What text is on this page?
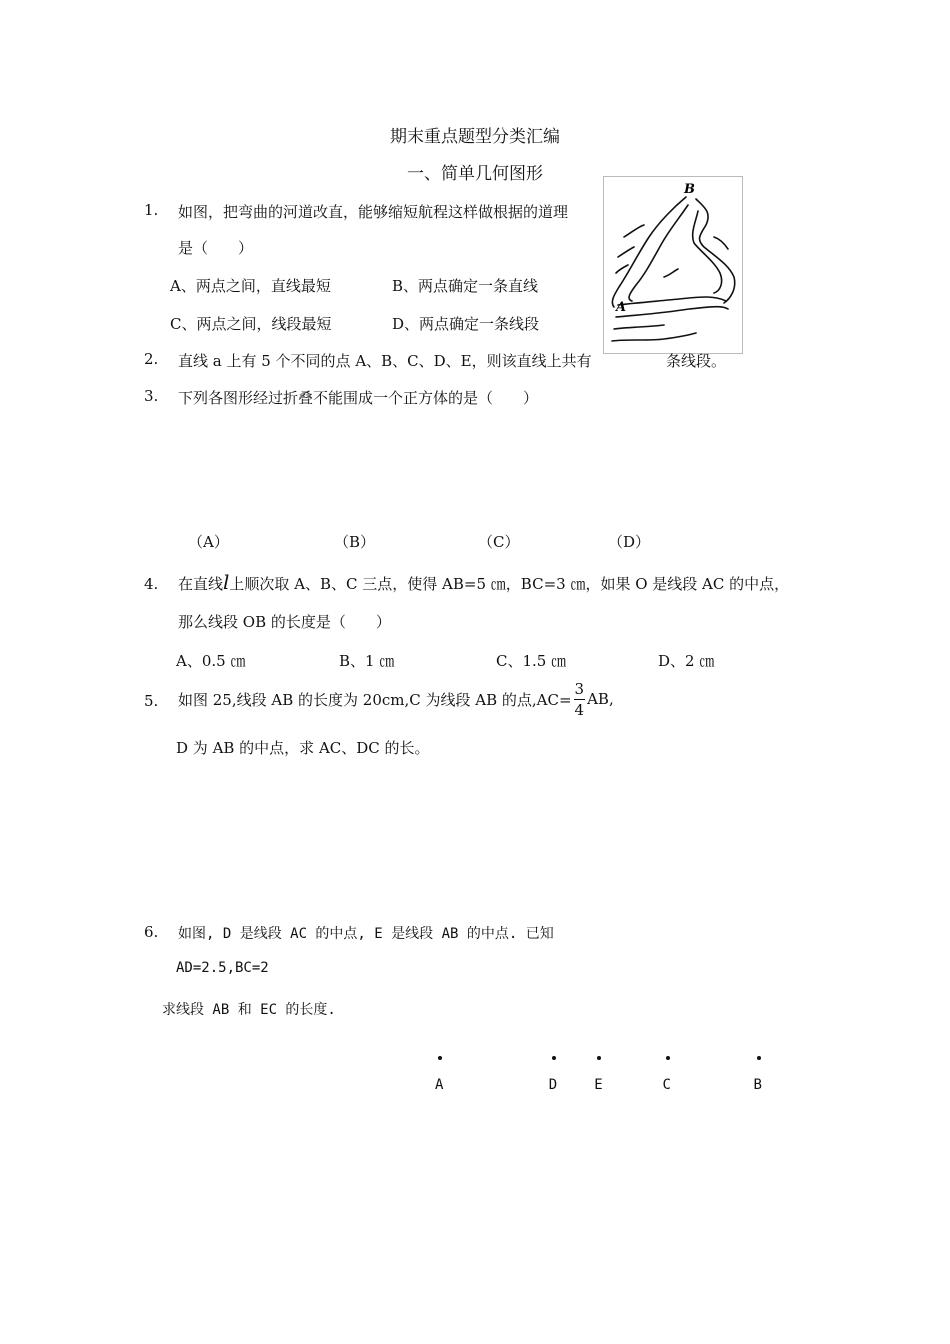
期末重点题型分类汇编
一、简单几何图形
1. 如图，把弯曲的河道改直，能够缩短航程这样做根据的道理
是（　　）
A、两点之间，直线最短	B、两点确定一条直线
C、两点之间，线段最短	D、两点确定一条线段
B
A
2. 直线 a 上有 5 个不同的点 A、B、C、D、E，则该直线上共有	条线段。
3. 下列各图形经过折叠不能围成一个正方体的是（　　）
（A）	（B）	（C）	（D）
4. 在直线l上顺次取 A、B、C 三点，使得 AB=5 ㎝，BC=3 ㎝，如果 O 是线段 AC 的中点，
那么线段 OB 的长度是（　　）
A、0.5 ㎝	B、1 ㎝	C、1.5 ㎝	D、2 ㎝
5. 如图 25,线段 AB 的长度为 20cm,C 为线段 AB 的点$,AC= \frac{3}{4}$ AB,
D 为 AB 的中点，求 AC、DC 的长。
6. 如图, D 是线段 AC 的中点, E 是线段 AB 的中点. 已知
AD=2.5,BC=2
求线段 AB 和 EC 的长度.
A	D	E	C	B
